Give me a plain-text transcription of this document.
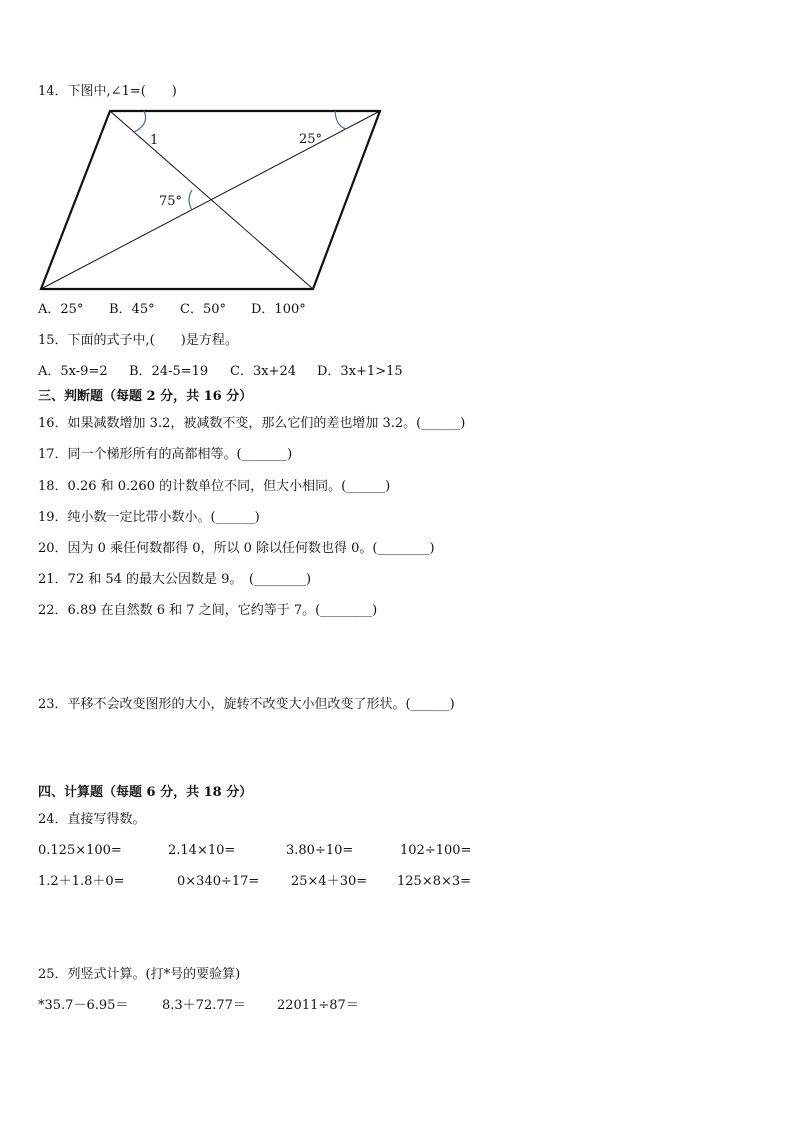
14．下图中,∠1=(　　)
1	25°
75°
A．25° B．45° C．50° D．100°
15．下面的式子中,(　　)是方程。
A．5x-9=2 B．24-5=19 C．3x+24 D．3x+1>15
三、判断题（每题 2 分，共 16 分）
16．如果减数增加 3.2，被减数不变，那么它们的差也增加 3.2。(______)
17．同一个梯形所有的高都相等。(_______)
18．0.26 和 0.260 的计数单位不同，但大小相同。(______)
19．纯小数一定比带小数小。(______)
20．因为 0 乘任何数都得 0，所以 0 除以任何数也得 0。(________)
21．72 和 54 的最大公因数是 9。　(________)
22．6.89 在自然数 6 和 7 之间，它约等于 7。(________)
23．平移不会改变图形的大小，旋转不改变大小但改变了形状。(______)
四、计算题（每题 6 分，共 18 分）
24．直接写得数。
0.125×100=	2.14×10=	3.80÷10=	102÷100=
1.2＋1.8＋0=	0×340÷17= 25×4＋30= 125×8×3=
25．列竖式计算。(打*号的要验算)
*35.7－6.95＝	8.3＋72.77＝ 22011÷87＝
